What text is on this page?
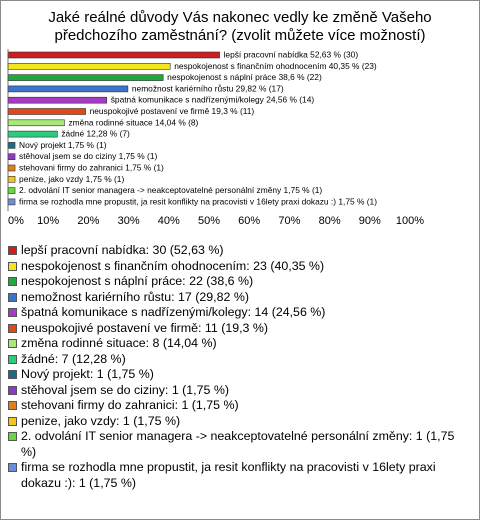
Jaké reálné důvody Vás nakonec vedly ke změně Vašeho předchozího zaměstnání? (zvolit můžete více možností)
lepší pracovní nabídka 52,63 % (30)
nespokojenost s finančním ohodnocením 40,35 % (23)
nespokojenost s náplní práce 38,6 % (22)
nemožnost kariérního růstu 29,82 % (17)
špatná komunikace s nadřízenými/kolegy 24,56 % (14)
neuspokojivé postavení ve firmě 19,3 % (11)
změna rodinné situace 14,04 % (8)
žádné 12,28 % (7)
Nový projekt 1,75 % (1)
stěhoval jsem se do ciziny 1,75 % (1)
stehovani firmy do zahranici 1,75 % (1)
penize, jako vzdy 1,75 % (1)
2. odvolání IT senior managera -> neakceptovatelné personální změny 1,75 % (1)
firma se rozhodla mne propustit, ja resit konflikty na pracovisti v 16lety praxi dokazu :) 1,75 % (1)
0% 10% 20% 30% 40% 50% 60% 70% 80% 90% 100%
lepší pracovní nabídka: 30 (52,63 %)
nespokojenost s finančním ohodnocením: 23 (40,35 %)
nespokojenost s náplní práce: 22 (38,6 %)
nemožnost kariérního růstu: 17 (29,82 %)
špatná komunikace s nadřízenými/kolegy: 14 (24,56 %)
neuspokojivé postavení ve firmě: 11 (19,3 %)
změna rodinné situace: 8 (14,04 %)
žádné: 7 (12,28 %)
Nový projekt: 1 (1,75 %)
stěhoval jsem se do ciziny: 1 (1,75 %)
stehovani firmy do zahranici: 1 (1,75 %)
penize, jako vzdy: 1 (1,75 %)
2. odvolání IT senior managera -> neakceptovatelné personální změny: 1 (1,75 %)
firma se rozhodla mne propustit, ja resit konflikty na pracovisti v 16lety praxi dokazu :): 1 (1,75 %)
